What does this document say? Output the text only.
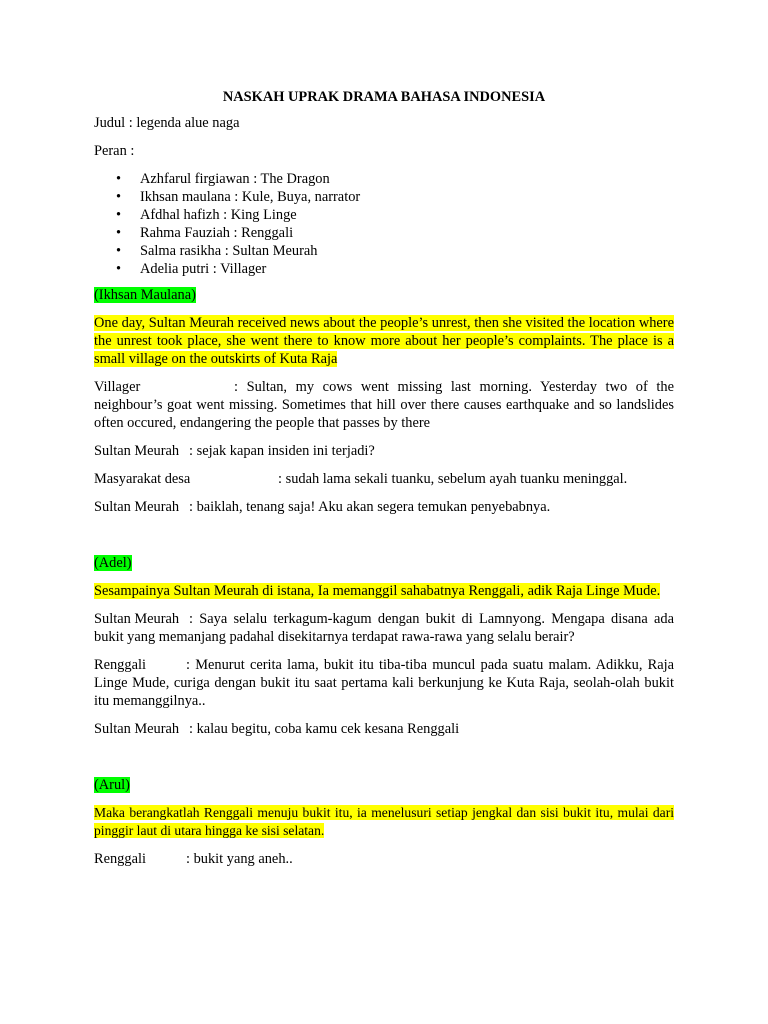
NASKAH UPRAK DRAMA BAHASA INDONESIA

Judul : legenda alue naga

Peran :

• Azhfarul firgiawan : The Dragon
• Ikhsan maulana : Kule, Buya, narrator
• Afdhal hafizh : King Linge
• Rahma Fauziah : Renggali
• Salma rasikha : Sultan Meurah
• Adelia putri : Villager

(Ikhsan Maulana)

One day, Sultan Meurah received news about the people’s unrest, then she visited the location where the unrest took place, she went there to know more about her people’s complaints. The place is a small village on the outskirts of Kuta Raja

Villager	: Sultan, my cows went missing last morning. Yesterday two of the neighbour’s goat went missing. Sometimes that hill over there causes earthquake and so landslides often occured, endangering the people that passes by there

Sultan Meurah : sejak kapan insiden ini terjadi?

Masyarakat desa	: sudah lama sekali tuanku, sebelum ayah tuanku meninggal.

Sultan Meurah : baiklah, tenang saja! Aku akan segera temukan penyebabnya.

(Adel)

Sesampainya Sultan Meurah di istana, Ia memanggil sahabatnya Renggali, adik Raja Linge Mude.

Sultan Meurah : Saya selalu terkagum-kagum dengan bukit di Lamnyong. Mengapa disana ada bukit yang memanjang padahal disekitarnya terdapat rawa-rawa yang selalu berair?

Renggali	: Menurut cerita lama, bukit itu tiba-tiba muncul pada suatu malam. Adikku, Raja Linge Mude, curiga dengan bukit itu saat pertama kali berkunjung ke Kuta Raja, seolah-olah bukit itu memanggilnya..

Sultan Meurah : kalau begitu, coba kamu cek kesana Renggali

(Arul)

Maka berangkatlah Renggali menuju bukit itu, ia menelusuri setiap jengkal dan sisi bukit itu, mulai dari pinggir laut di utara hingga ke sisi selatan.

Renggali	: bukit yang aneh..
